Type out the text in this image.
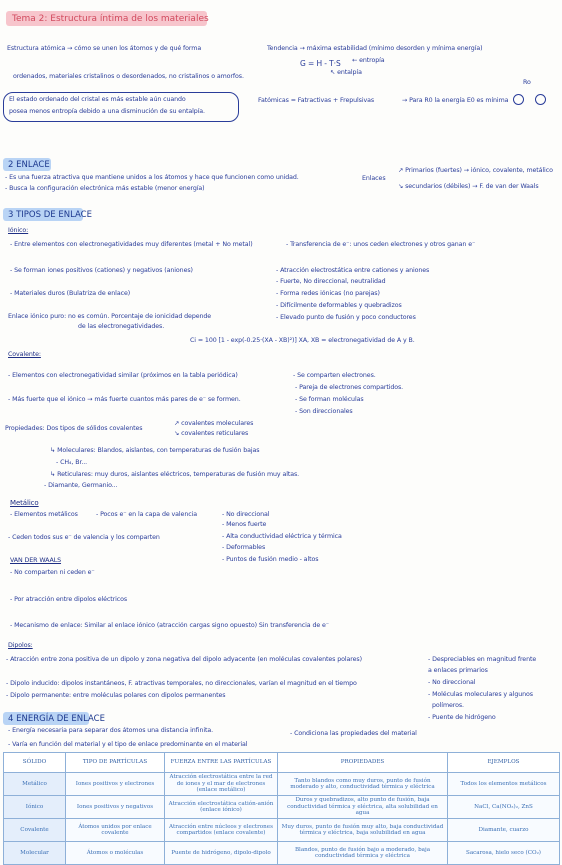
Tema 2: Estructura íntima de los materiales
Estructura atómica → cómo se unen los átomos y de qué forma
ordenados, materiales cristalinos o desordenados, no cristalinos o amorfos.
El estado ordenado del cristal es más estable aún cuando
posea menos entropía debido a una disminución de su entalpía.
Tendencia → máxima estabilidad (mínimo desorden y mínima energía)
G = H - T·S ← entropía
↖ entalpía
Ro
Fatómicas = Fatractivas + Frepulsivas	→ Para R0 la energía E0 es mínima
2 ENLACE
- Es una fuerza atractiva que mantiene unidos a los átomos y hace que funcionen como unidad.
- Busca la configuración electrónica más estable (menor energía)
Enlaces
↗ Primarios (fuertes) → iónico, covalente, metálico
↘ secundarios (débiles) → F. de van der Waals
3 TIPOS DE ENLACE
Iónico:
- Entre elementos con electronegatividades muy diferentes (metal + No metal)	- Transferencia de e⁻: unos ceden electrones y otros ganan e⁻
- Se forman iones positivos (cationes) y negativos (aniones)	- Atracción electrostática entre cationes y aniones
- Fuerte, No direccional, neutralidad
- Materiales duros (Bulatriza de enlace)	- Forma redes iónicas (no parejas)
- Difícilmente deformables y quebradizos
Enlace iónico puro: no es común. Porcentaje de ionicidad depende
de las electronegatividades.
- Elevado punto de fusión y poco conductores
Ci = 100 [1 - exp(-0.25·(XA - XB)²)] XA, XB = electronegatividad de A y B.
Covalente:
- Elementos con electronegatividad similar (próximos en la tabla periódica)	- Se comparten electrones.
- Pareja de electrones compartidos.
- Más fuerte que el iónico → más fuerte cuantos más pares de e⁻ se formen.	- Se forman moléculas
- Son direccionales
Propiedades: Dos tipos de sólidos covalentes
↗ covalentes moleculares
↘ covalentes reticulares
↳ Moleculares: Blandos, aislantes, con temperaturas de fusión bajas
- CH₄, Br...
↳ Reticulares: muy duros, aislantes eléctricos, temperaturas de fusión muy altas.
- Diamante, Germanio...
Metálico
- Elementos metálicos	- Pocos e⁻ en la capa de valencia	- No direccional
- Menos fuerte
- Ceden todos sus e⁻ de valencia y los comparten	- Alta conductividad eléctrica y térmica
- Deformables
- Puntos de fusión medio - altos
VAN DER WAALS
- No comparten ni ceden e⁻
- Por atracción entre dipolos eléctricos
- Mecanismo de enlace: Similar al enlace iónico (atracción cargas signo opuesto) Sin transferencia de e⁻
Dipolos:
- Atracción entre zona positiva de un dipolo y zona negativa del dipolo adyacente (en moléculas covalentes polares)
- Dipolo inducido: dipolos instantáneos, F. atractivas temporales, no direccionales, varían el magnitud en el tiempo
- Dipolo permanente: entre moléculas polares con dipolos permanentes
- Despreciables en magnitud frente
a enlaces primarios
- No direccional
- Moléculas moleculares y algunos
polímeros.
- Puente de hidrógeno
4 ENERGÍA DE ENLACE
- Energía necesaria para separar dos átomos una distancia infinita.	- Condiciona las propiedades del material
- Varía en función del material y el tipo de enlace predominante en el material
SÓLIDO	TIPO DE PARTÍCULAS	FUERZA ENTRE LAS PARTÍCULAS	PROPIEDADES	EJEMPLOS
Metálico	Iones positivos y electrones	Atracción electrostática entre la red de iones y el mar de electrones (enlace metálico)	Tanto blandos como muy duros, punto de fusión moderado y alto, conductividad térmica y eléctrica	Todos los elementos metálicos
Iónico	Iones positivos y negativos	Atracción electrostática catión-anión (enlace iónico)	Duros y quebradizos, alto punto de fusión, baja conductividad térmica y eléctrica, alta solubilidad en agua	NaCl, Ca(NO₃)₂, ZnS
Covalente	Átomos unidos por enlace covalente	Atracción entre núcleos y electrones compartidos (enlace covalente)	Muy duros, punto de fusión muy alto, baja conductividad térmica y eléctrica, baja solubilidad en agua	Diamante, cuarzo
Molecular	Átomos o moléculas	Puente de hidrógeno, dipolo-dipolo	Blandos, punto de fusión bajo a moderado, baja conductividad térmica y eléctrica	Sacarosa, hielo seco (CO₂)
